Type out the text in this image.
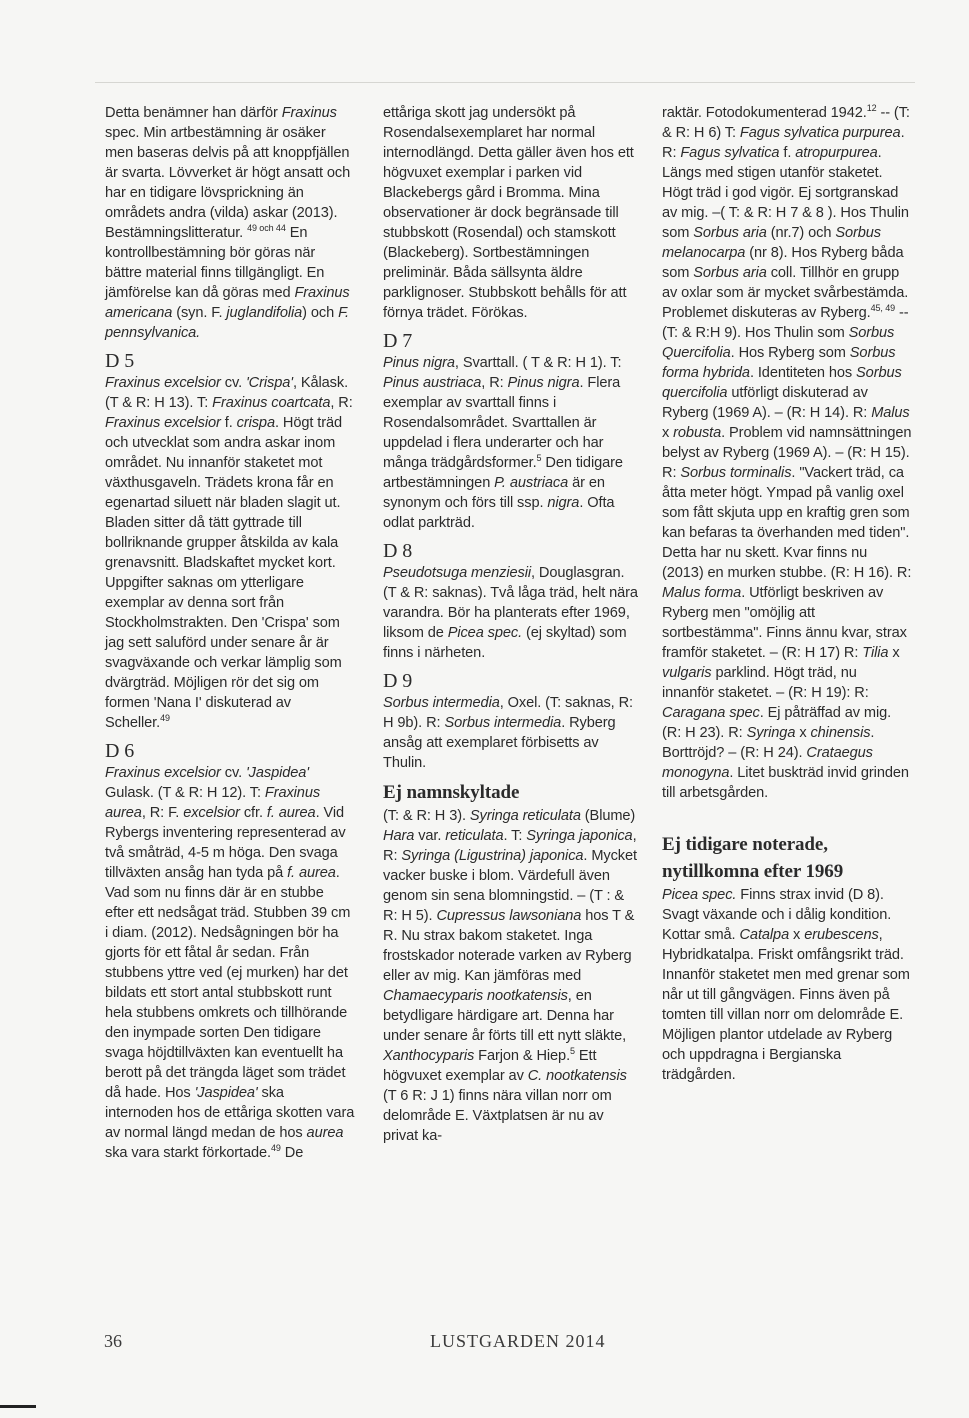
Detta benämner han därför Fraxinus spec. Min artbestämning är osäker men baseras delvis på att knoppfjällen är svarta. Lövverket är högt ansatt och har en tidigare lövsprickning än områdets andra (vilda) askar (2013). Bestämningslitteratur. $^{49 och 44}$ En kontrollbestämning bör göras när bättre material finns tillgängligt. En jämförelse kan då göras med Fraxinus americana (syn. F. juglandifolia) och F. pennsylvanica.

D 5

Fraxinus excelsior cv. 'Crispa', Kålask. (T & R: H 13). T: Fraxinus coartcata, R: Fraxinus excelsior f. crispa. Högt träd och utvecklat som andra askar inom området. Nu innanför staketet mot växthusgaveln. Trädets krona får en egenartad siluett när bladen slagit ut. Bladen sitter då tätt gyttrade till bollriknande grupper åtskilda av kala grenavsnitt. Bladskaftet mycket kort. Uppgifter saknas om ytterligare exemplar av denna sort från Stockholmstrakten. Den 'Crispa' som jag sett saluförd under senare år är svagväxande och verkar lämplig som dvärgträd. Möjligen rör det sig om formen 'Nana I' diskuterad av Scheller.$^{49}$

D 6

Fraxinus excelsior cv. 'Jaspidea' Gulask. (T & R: H 12). T: Fraxinus aurea, R: F. excelsior cfr. f. aurea. Vid Rybergs inventering representerad av två småträd, 4-5 m höga. Den svaga tillväxten ansåg han tyda på f. aurea. Vad som nu finns där är en stubbe efter ett nedsågat träd. Stubben 39 cm i diam. (2012). Nedsågningen bör ha gjorts för ett fåtal år sedan. Från stubbens yttre ved (ej murken) har det bildats ett stort antal stubbskott runt hela stubbens omkrets och tillhörande den inympade sorten Den tidigare svaga höjdtillväxten kan eventuellt ha berott på det trängda läget som trädet då hade. Hos 'Jaspidea' ska internoden hos de ettåriga skotten vara av normal längd medan de hos aurea ska vara starkt förkortade.$^{49}$ De

ettåriga skott jag undersökt på Rosendalsexemplaret har normal internodlängd. Detta gäller även hos ett högvuxet exemplar i parken vid Blackebergs gård i Bromma. Mina observationer är dock begränsade till stubbskott (Rosendal) och stamskott (Blackeberg). Sortbestämningen preliminär. Båda sällsynta äldre parklignoser. Stubbskott behålls för att förnya trädet. Förökas.

D 7

Pinus nigra, Svarttall. ( T & R: H 1). T: Pinus austriaca, R: Pinus nigra. Flera exemplar av svarttall finns i Rosendalsområdet. Svarttallen är uppdelad i flera underarter och har många trädgårdsformer.$^5$ Den tidigare artbestämningen P. austriaca är en synonym och förs till ssp. nigra. Ofta odlat parkträd.

D 8

Pseudotsuga menziesii, Douglasgran. (T & R: saknas). Två låga träd, helt nära varandra. Bör ha planterats efter 1969, liksom de Picea spec. (ej skyltad) som finns i närheten.

D 9

Sorbus intermedia, Oxel. (T: saknas, R: H 9b). R: Sorbus intermedia. Ryberg ansåg att exemplaret förbisetts av Thulin.

Ej namnskyltade

(T: & R: H 3). Syringa reticulata (Blume) Hara var. reticulata. T: Syringa japonica, R: Syringa (Ligustrina) japonica. Mycket vacker buske i blom. Värdefull även genom sin sena blomningstid. – (T : & R: H 5). Cupressus lawsoniana hos T & R. Nu strax bakom staketet. Inga frostskador noterade varken av Ryberg eller av mig. Kan jämföras med Chamaecyparis nootkatensis, en betydligare härdigare art. Denna har under senare år förts till ett nytt släkte, Xanthocyparis Farjon & Hiep.$^5$ Ett högvuxet exemplar av C. nootkatensis (T 6 R: J 1) finns nära villan norr om delområde E. Växtplatsen är nu av privat ka-

raktär. Fotodokumenterad 1942.12 -- (T: & R: H 6) T: Fagus sylvatica purpurea. R: Fagus sylvatica f. atropurpurea. Längs med stigen utanför staketet. Högt träd i god vigör. Ej sortgranskad av mig. –( T: & R: H 7 & 8 ). Hos Thulin som Sorbus aria (nr.7) och Sorbus melanocarpa (nr 8). Hos Ryberg båda som Sorbus aria coll. Tillhör en grupp av oxlar som är mycket svårbestämda. Problemet diskuteras av Ryberg.$^{45, 49}$ -- (T: & R:H 9). Hos Thulin som Sorbus Quercifolia. Hos Ryberg som Sorbus forma hybrida. Identiteten hos Sorbus quercifolia utförligt diskuterad av Ryberg (1969 A). – (R: H 14). R: Malus x robusta. Problem vid namnsättningen belyst av Ryberg (1969 A). – (R: H 15). R: Sorbus torminalis. "Vackert träd, ca åtta meter högt. Ympad på vanlig oxel som fått skjuta upp en kraftig gren som kan befaras ta överhanden med tiden". Detta har nu skett. Kvar finns nu (2013) en murken stubbe. (R: H 16). R: Malus forma. Utförligt beskriven av Ryberg men "omöjlig att sortbestämma". Finns ännu kvar, strax framför staketet. – (R: H 17) R: Tilia x vulgaris parklind. Högt träd, nu innanför staketet. – (R: H 19): R: Caragana spec. Ej påträffad av mig. (R: H 23). R: Syringa x chinensis. Borttröjd? – (R: H 24). Crataegus monogyna. Litet buskträd invid grinden till arbetsgården.

Ej tidigare noterade, nytillkomna efter 1969

Picea spec. Finns strax invid (D 8). Svagt växande och i dålig kondition. Kottar små. Catalpa x erubescens, Hybridkatalpa. Friskt omfångsrikt träd. Innanför staketet men med grenar som når ut till gångvägen. Finns även på tomten till villan norr om delområde E. Möjligen plantor utdelade av Ryberg och uppdragna i Bergianska trädgården.

36	LUSTGARDEN 2014
